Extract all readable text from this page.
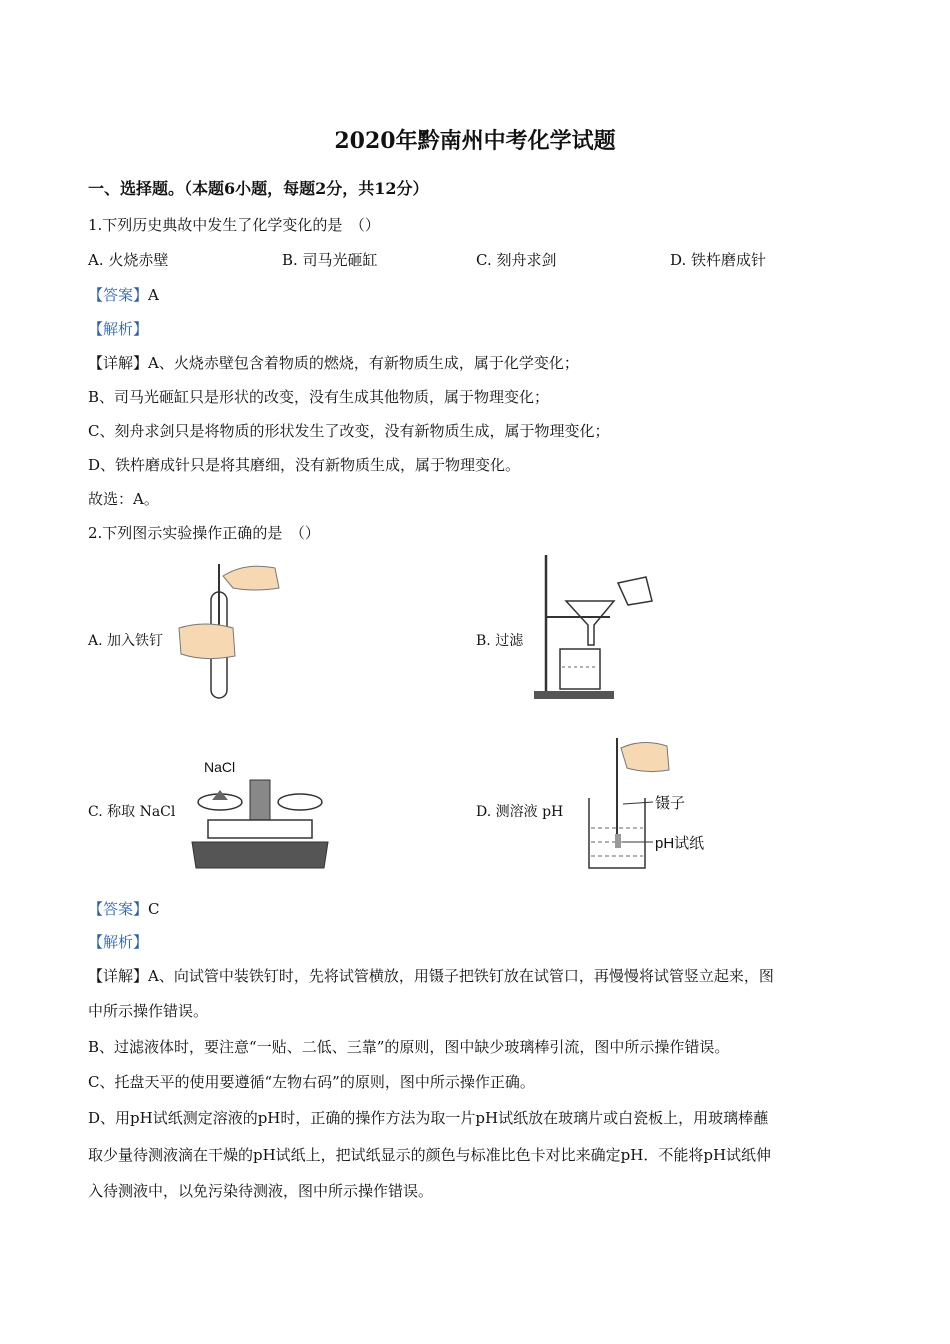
2020年黔南州中考化学试题
一、选择题。（本题6小题，每题2分，共12分）
1.下列历史典故中发生了化学变化的是　（）
A. 火烧赤壁	B. 司马光砸缸	C. 刻舟求剑	D. 铁杵磨成针
【答案】A
【解析】
【详解】A、火烧赤壁包含着物质的燃烧，有新物质生成，属于化学变化；
B、司马光砸缸只是形状的改变，没有生成其他物质，属于物理变化；
C、刻舟求剑只是将物质的形状发生了改变，没有新物质生成，属于物理变化；
D、铁杵磨成针只是将其磨细，没有新物质生成，属于物理变化。
故选：A。
2.下列图示实验操作正确的是　（）
A. 加入铁钉	B. 过滤
C. 称取 NaCl
NaCl
D. 测溶液 pH	镊子
pH试纸
【答案】C
【解析】
【详解】A、向试管中装铁钉时，先将试管横放，用镊子把铁钉放在试管口，再慢慢将试管竖立起来，图
中所示操作错误。
B、过滤液体时，要注意“一贴、二低、三靠”的原则，图中缺少玻璃棒引流，图中所示操作错误。
C、托盘天平的使用要遵循“左物右码”的原则，图中所示操作正确。
D、用pH试纸测定溶液的pH时，正确的操作方法为取一片pH试纸放在玻璃片或白瓷板上，用玻璃棒蘸
取少量待测液滴在干燥的pH试纸上，把试纸显示的颜色与标准比色卡对比来确定pH．不能将pH试纸伸
入待测液中，以免污染待测液，图中所示操作错误。
